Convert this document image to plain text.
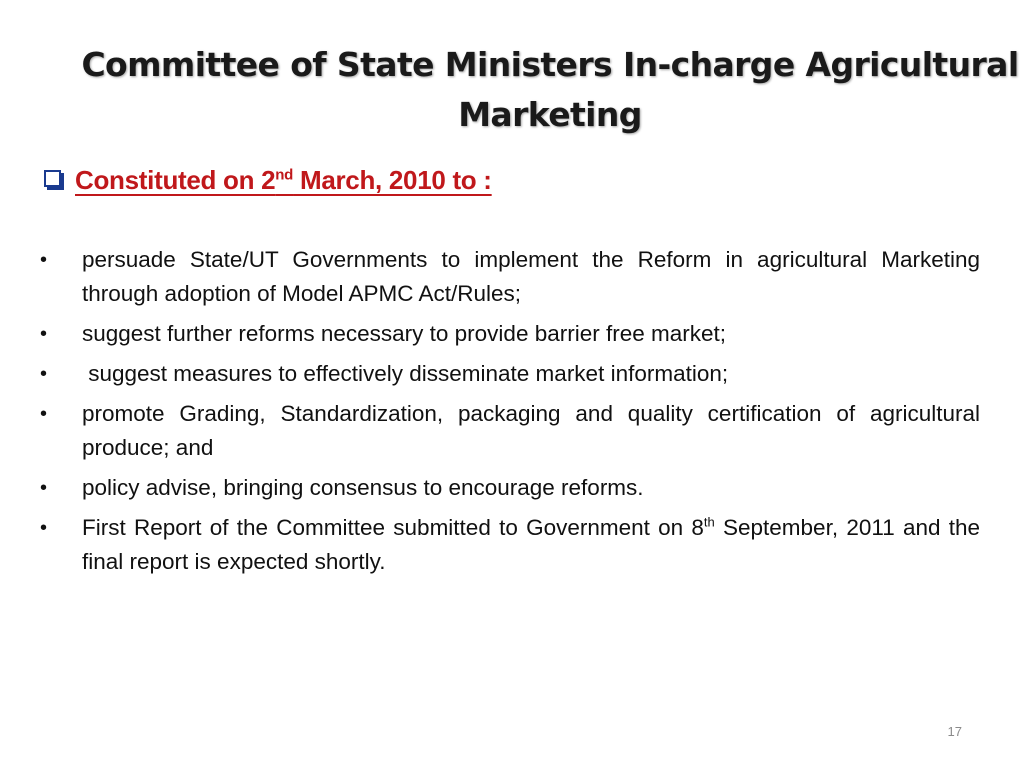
Committee of State Ministers In-charge Agricultural
Marketing
Constituted on 2nd March, 2010 to :
•	persuade State/UT Governments to implement the Reform in agricultural Marketing through adoption of Model APMC Act/Rules;
•	suggest further reforms necessary to provide barrier free market;
•	suggest measures to effectively disseminate market information;
•	promote Grading, Standardization, packaging and quality certification of agricultural produce; and
•	policy advise, bringing consensus to encourage reforms.
•	First Report of the Committee submitted to Government on 8th September, 2011 and the final report is expected shortly.
17
